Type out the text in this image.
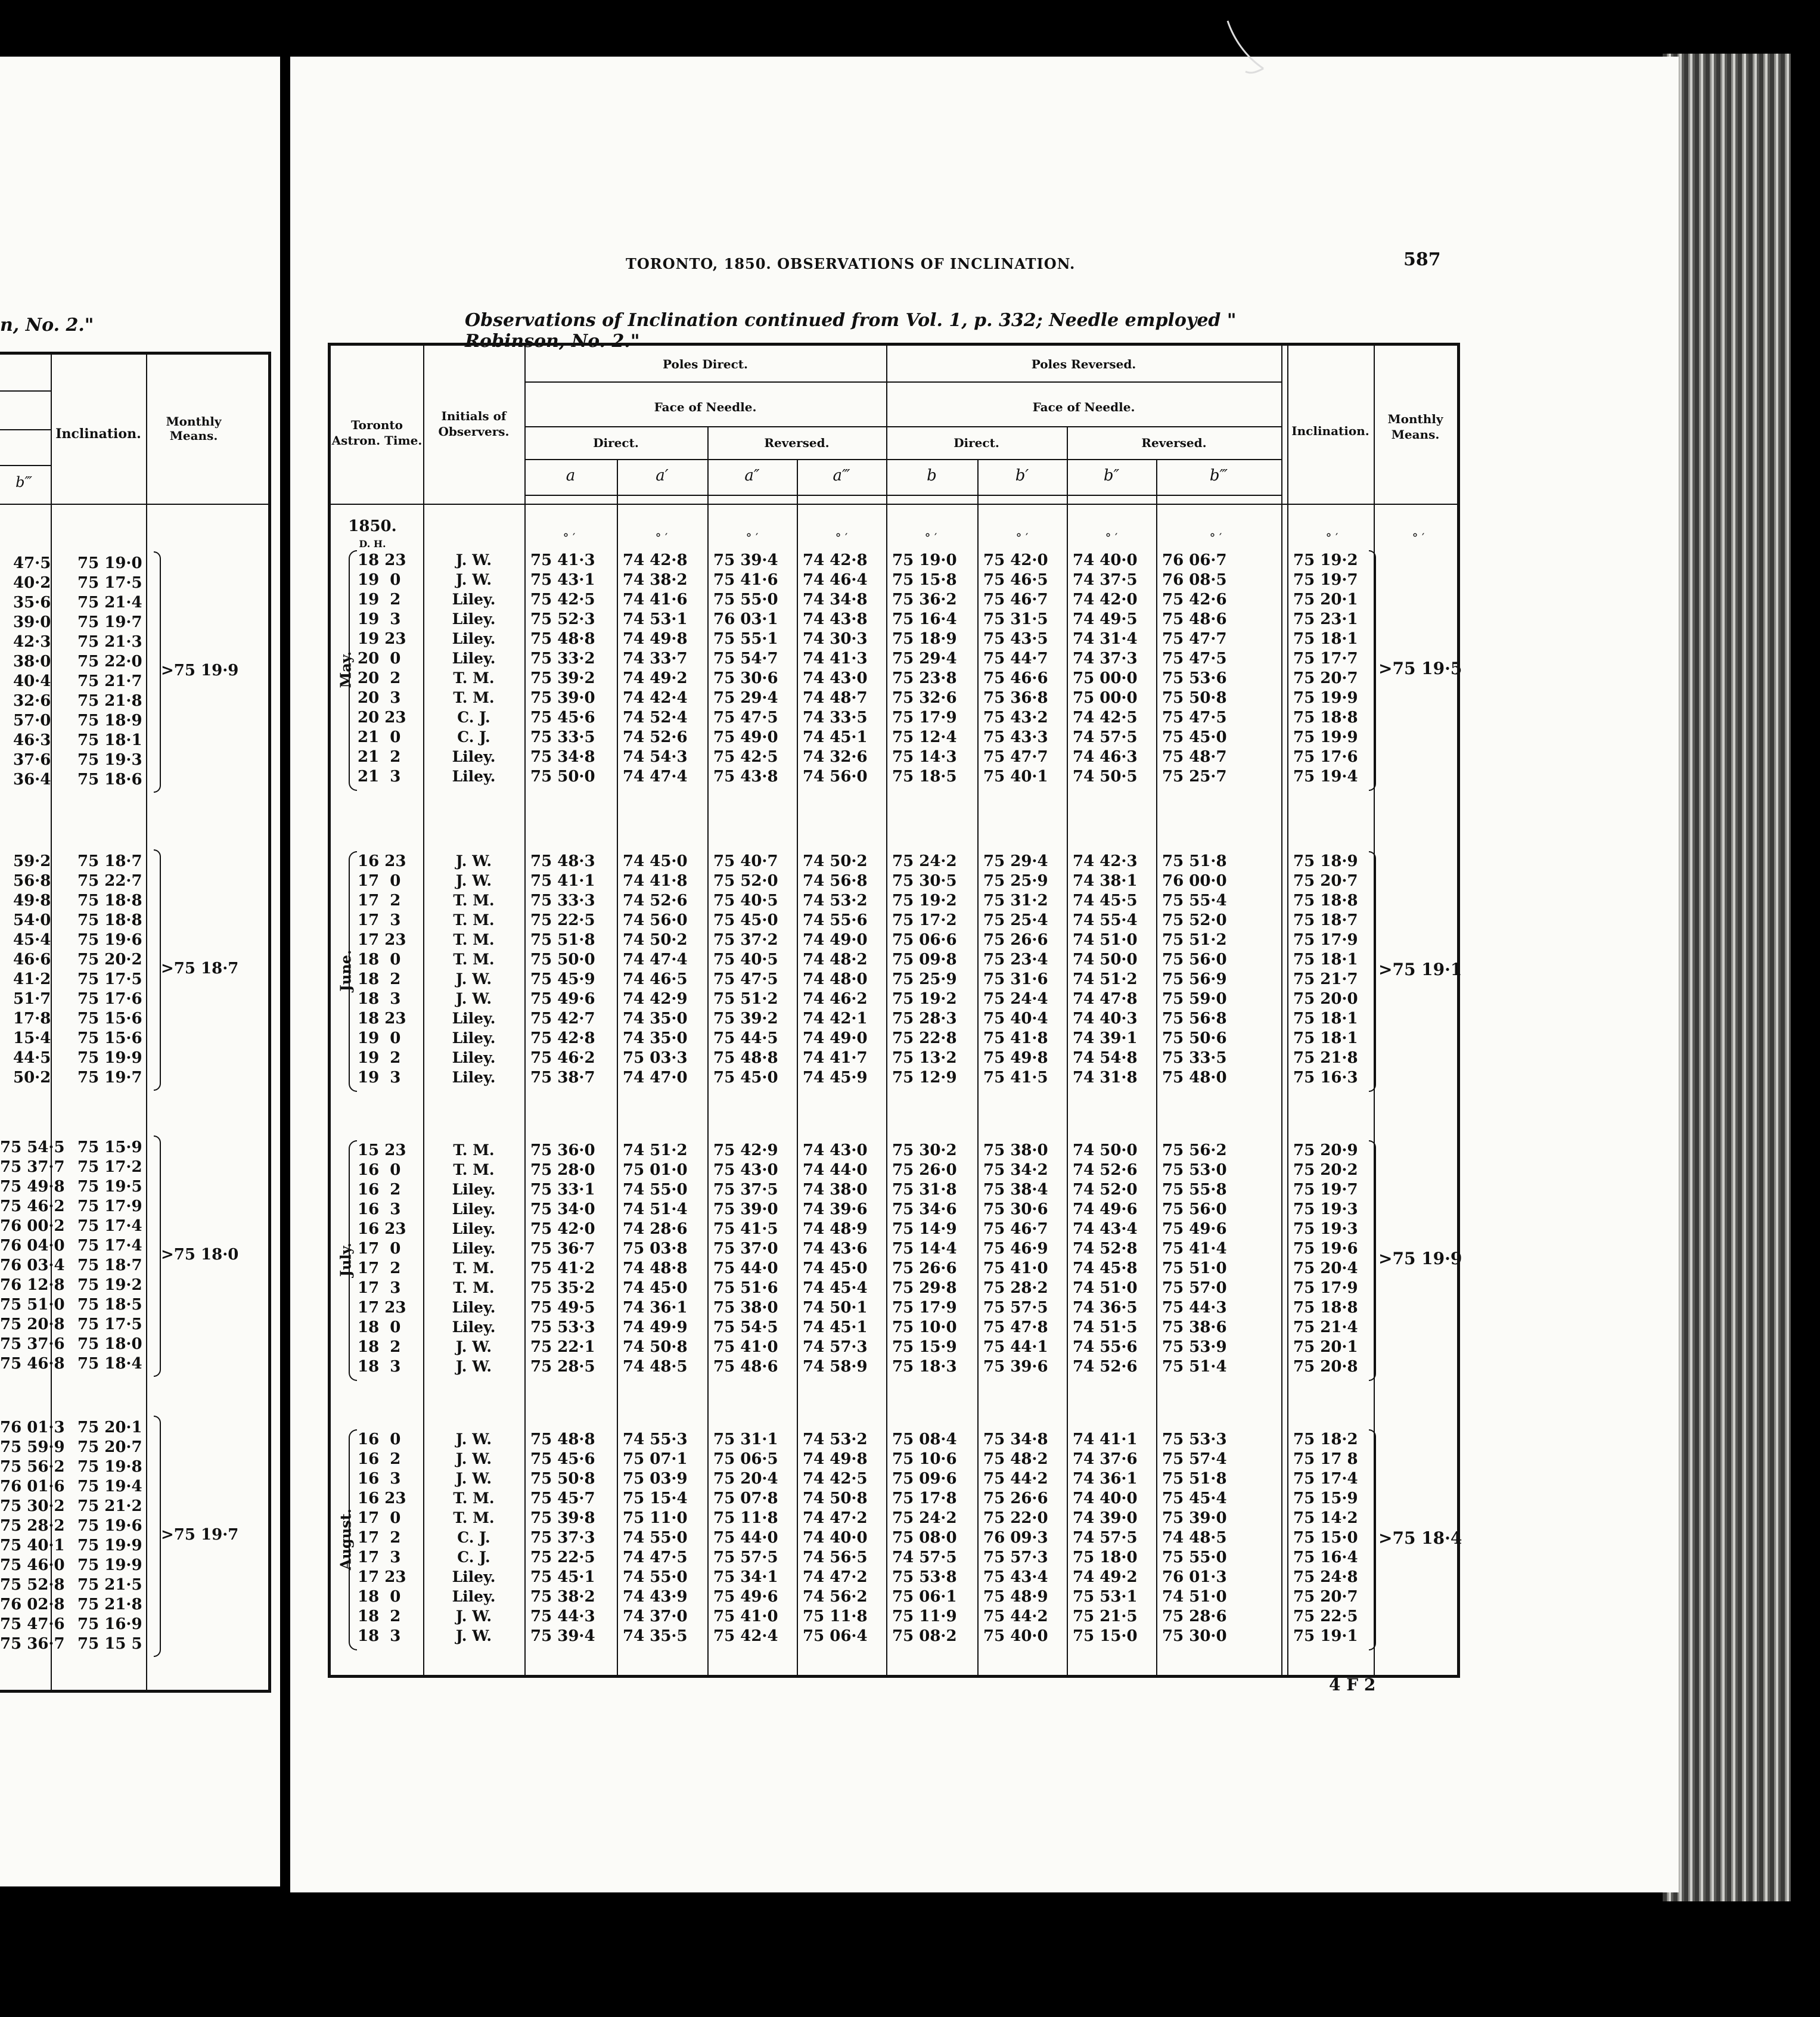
n, No. 2."
Inclination.
Monthly Means.
b‴
47·5 75 19·0
40·2 75 17·5
35·6 75 21·4
39·0 75 19·7
42·3 75 21·3
38·0 75 22·0
40·4 75 21·7
32·6 75 21·8
57·0 75 18·9
46·3 75 18·1
37·6 75 19·3
36·4 75 18·6
>75 19·9
59·2 75 18·7
56·8 75 22·7
49·8 75 18·8
54·0 75 18·8
45·4 75 19·6
46·6 75 20·2
41·2 75 17·5
51·7 75 17·6
17·8 75 15·6
15·4 75 15·6
44·5 75 19·9
50·2 75 19·7
>75 18·7
75 54·5 75 15·9
75 37·7 75 17·2
75 49·8 75 19·5
75 46·2 75 17·9
76 00·2 75 17·4
76 04·0 75 17·4
76 03·4 75 18·7
76 12·8 75 19·2
75 51·0 75 18·5
75 20·8 75 17·5
75 37·6 75 18·0
75 46·8 75 18·4
>75 18·0
76 01·3 75 20·1
75 59·9 75 20·7
75 56·2 75 19·8
76 01·6 75 19·4
75 30·2 75 21·2
75 28·2 75 19·6
75 40·1 75 19·9
75 46·0 75 19·9
75 52·8 75 21·5
76 02·8 75 21·8
75 47·6 75 16·9
75 36·7 75 15 5
>75 19·7
TORONTO, 1850. OBSERVATIONS OF INCLINATION.	587
Observations of Inclination continued from Vol. 1, p. 332; Needle employed " Robinson, No. 2."
4 F 2
Toronto Astron. Time.
Initials of Observers.
Poles Direct.	Poles Reversed.
Face of Needle.	Face of Needle.
Direct.	Reversed.	Direct.	Reversed.
Inclination.
Monthly Means.
a	a′	a″	a‴	b	b′	b″	b‴
1850.
D. H.	° ′	° ′	° ′	° ′	° ′	° ′	° ′	° ′	° ′	° ′
May.
18 23	J. W.	75 41·3 74 42·8 75 39·4 74 42·8 75 19·0 75 42·0 74 40·0 76 06·7	75 19·2
19  0	J. W.	75 43·1 74 38·2 75 41·6 74 46·4 75 15·8 75 46·5 74 37·5 76 08·5	75 19·7
19  2	Liley.	75 42·5 74 41·6 75 55·0 74 34·8 75 36·2 75 46·7 74 42·0 75 42·6	75 20·1
19  3	Liley.	75 52·3 74 53·1 76 03·1 74 43·8 75 16·4 75 31·5 74 49·5 75 48·6	75 23·1
19 23	Liley.	75 48·8 74 49·8 75 55·1 74 30·3 75 18·9 75 43·5 74 31·4 75 47·7	75 18·1
20  0	Liley.	75 33·2 74 33·7 75 54·7 74 41·3 75 29·4 75 44·7 74 37·3 75 47·5	75 17·7
20  2	T. M.	75 39·2 74 49·2 75 30·6 74 43·0 75 23·8 75 46·6 75 00·0 75 53·6	75 20·7
20  3	T. M.	75 39·0 74 42·4 75 29·4 74 48·7 75 32·6 75 36·8 75 00·0 75 50·8	75 19·9
20 23	C. J.	75 45·6 74 52·4 75 47·5 74 33·5 75 17·9 75 43·2 74 42·5 75 47·5	75 18·8
21  0	C. J.	75 33·5 74 52·6 75 49·0 74 45·1 75 12·4 75 43·3 74 57·5 75 45·0	75 19·9
21  2	Liley.	75 34·8 74 54·3 75 42·5 74 32·6 75 14·3 75 47·7 74 46·3 75 48·7	75 17·6
21  3	Liley.	75 50·0 74 47·4 75 43·8 74 56·0 75 18·5 75 40·1 74 50·5 75 25·7	75 19·4
>75 19·5
June.
16 23	J. W.	75 48·3 74 45·0 75 40·7 74 50·2 75 24·2 75 29·4 74 42·3 75 51·8	75 18·9
17  0	J. W.	75 41·1 74 41·8 75 52·0 74 56·8 75 30·5 75 25·9 74 38·1 76 00·0	75 20·7
17  2	T. M.	75 33·3 74 52·6 75 40·5 74 53·2 75 19·2 75 31·2 74 45·5 75 55·4	75 18·8
17  3	T. M.	75 22·5 74 56·0 75 45·0 74 55·6 75 17·2 75 25·4 74 55·4 75 52·0	75 18·7
17 23	T. M.	75 51·8 74 50·2 75 37·2 74 49·0 75 06·6 75 26·6 74 51·0 75 51·2	75 17·9
18  0	T. M.	75 50·0 74 47·4 75 40·5 74 48·2 75 09·8 75 23·4 74 50·0 75 56·0	75 18·1
18  2	J. W.	75 45·9 74 46·5 75 47·5 74 48·0 75 25·9 75 31·6 74 51·2 75 56·9	75 21·7
18  3	J. W.	75 49·6 74 42·9 75 51·2 74 46·2 75 19·2 75 24·4 74 47·8 75 59·0	75 20·0
18 23	Liley.	75 42·7 74 35·0 75 39·2 74 42·1 75 28·3 75 40·4 74 40·3 75 56·8	75 18·1
19  0	Liley.	75 42·8 74 35·0 75 44·5 74 49·0 75 22·8 75 41·8 74 39·1 75 50·6	75 18·1
19  2	Liley.	75 46·2 75 03·3 75 48·8 74 41·7 75 13·2 75 49·8 74 54·8 75 33·5	75 21·8
19  3	Liley.	75 38·7 74 47·0 75 45·0 74 45·9 75 12·9 75 41·5 74 31·8 75 48·0	75 16·3
>75 19·1
July.
15 23	T. M.	75 36·0 74 51·2 75 42·9 74 43·0 75 30·2 75 38·0 74 50·0 75 56·2	75 20·9
16  0	T. M.	75 28·0 75 01·0 75 43·0 74 44·0 75 26·0 75 34·2 74 52·6 75 53·0	75 20·2
16  2	Liley.	75 33·1 74 55·0 75 37·5 74 38·0 75 31·8 75 38·4 74 52·0 75 55·8	75 19·7
16  3	Liley.	75 34·0 74 51·4 75 39·0 74 39·6 75 34·6 75 30·6 74 49·6 75 56·0	75 19·3
16 23	Liley.	75 42·0 74 28·6 75 41·5 74 48·9 75 14·9 75 46·7 74 43·4 75 49·6	75 19·3
17  0	Liley.	75 36·7 75 03·8 75 37·0 74 43·6 75 14·4 75 46·9 74 52·8 75 41·4	75 19·6
17  2	T. M.	75 41·2 74 48·8 75 44·0 74 45·0 75 26·6 75 41·0 74 45·8 75 51·0	75 20·4
17  3	T. M.	75 35·2 74 45·0 75 51·6 74 45·4 75 29·8 75 28·2 74 51·0 75 57·0	75 17·9
17 23	Liley.	75 49·5 74 36·1 75 38·0 74 50·1 75 17·9 75 57·5 74 36·5 75 44·3	75 18·8
18  0	Liley.	75 53·3 74 49·9 75 54·5 74 45·1 75 10·0 75 47·8 74 51·5 75 38·6	75 21·4
18  2	J. W.	75 22·1 74 50·8 75 41·0 74 57·3 75 15·9 75 44·1 74 55·6 75 53·9	75 20·1
18  3	J. W.	75 28·5 74 48·5 75 48·6 74 58·9 75 18·3 75 39·6 74 52·6 75 51·4	75 20·8
>75 19·9
August.
16  0	J. W.	75 48·8 74 55·3 75 31·1 74 53·2 75 08·4 75 34·8 74 41·1 75 53·3	75 18·2
16  2	J. W.	75 45·6 75 07·1 75 06·5 74 49·8 75 10·6 75 48·2 74 37·6 75 57·4	75 17 8
16  3	J. W.	75 50·8 75 03·9 75 20·4 74 42·5 75 09·6 75 44·2 74 36·1 75 51·8	75 17·4
16 23	T. M.	75 45·7 75 15·4 75 07·8 74 50·8 75 17·8 75 26·6 74 40·0 75 45·4	75 15·9
17  0	T. M.	75 39·8 75 11·0 75 11·8 74 47·2 75 24·2 75 22·0 74 39·0 75 39·0	75 14·2
17  2	C. J.	75 37·3 74 55·0 75 44·0 74 40·0 75 08·0 76 09·3 74 57·5 74 48·5	75 15·0
17  3	C. J.	75 22·5 74 47·5 75 57·5 74 56·5 74 57·5 75 57·3 75 18·0 75 55·0	75 16·4
17 23	Liley.	75 45·1 74 55·0 75 34·1 74 47·2 75 53·8 75 43·4 74 49·2 76 01·3	75 24·8
18  0	Liley.	75 38·2 74 43·9 75 49·6 74 56·2 75 06·1 75 48·9 75 53·1 74 51·0	75 20·7
18  2	J. W.	75 44·3 74 37·0 75 41·0 75 11·8 75 11·9 75 44·2 75 21·5 75 28·6	75 22·5
18  3	J. W.	75 39·4 74 35·5 75 42·4 75 06·4 75 08·2 75 40·0 75 15·0 75 30·0	75 19·1
>75 18·4
